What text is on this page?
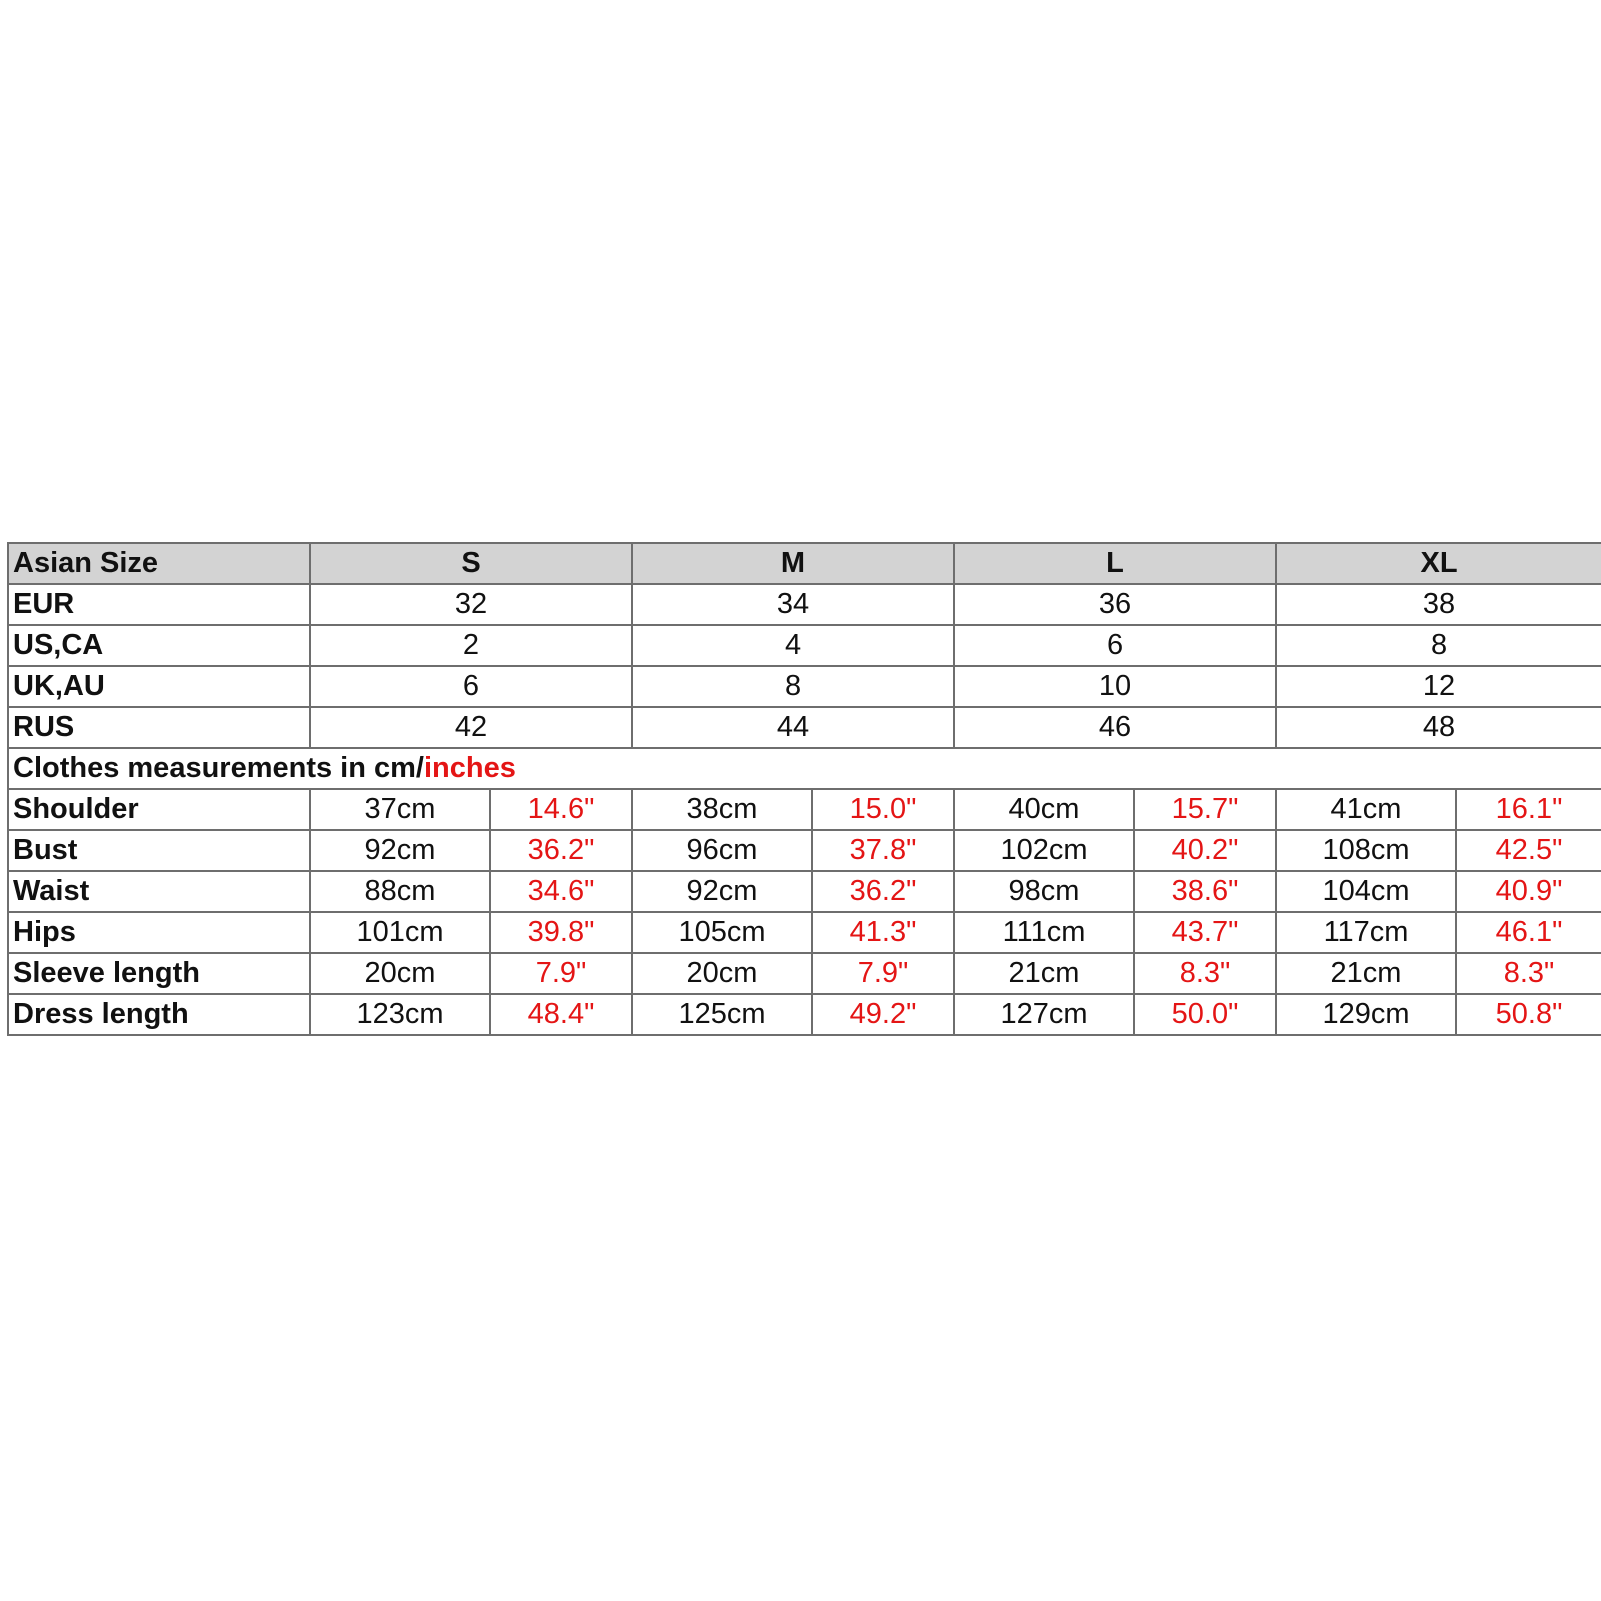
Asian Size	S		M		L		XL	
EUR	32		34		36		38	
US,CA	2		4		6		8	
UK,AU	6		8		10		12	
RUS	42		44		46		48	
Clothes measurements in cm/inches								
Shoulder	37cm	14.6"	38cm	15.0"	40cm	15.7"	41cm	16.1"
Bust	92cm	36.2"	96cm	37.8"	102cm	40.2"	108cm	42.5"
Waist	88cm	34.6"	92cm	36.2"	98cm	38.6"	104cm	40.9"
Hips	101cm	39.8"	105cm	41.3"	111cm	43.7"	117cm	46.1"
Sleeve length	20cm	7.9"	20cm	7.9"	21cm	8.3"	21cm	8.3"
Dress length	123cm	48.4"	125cm	49.2"	127cm	50.0"	129cm	50.8"
